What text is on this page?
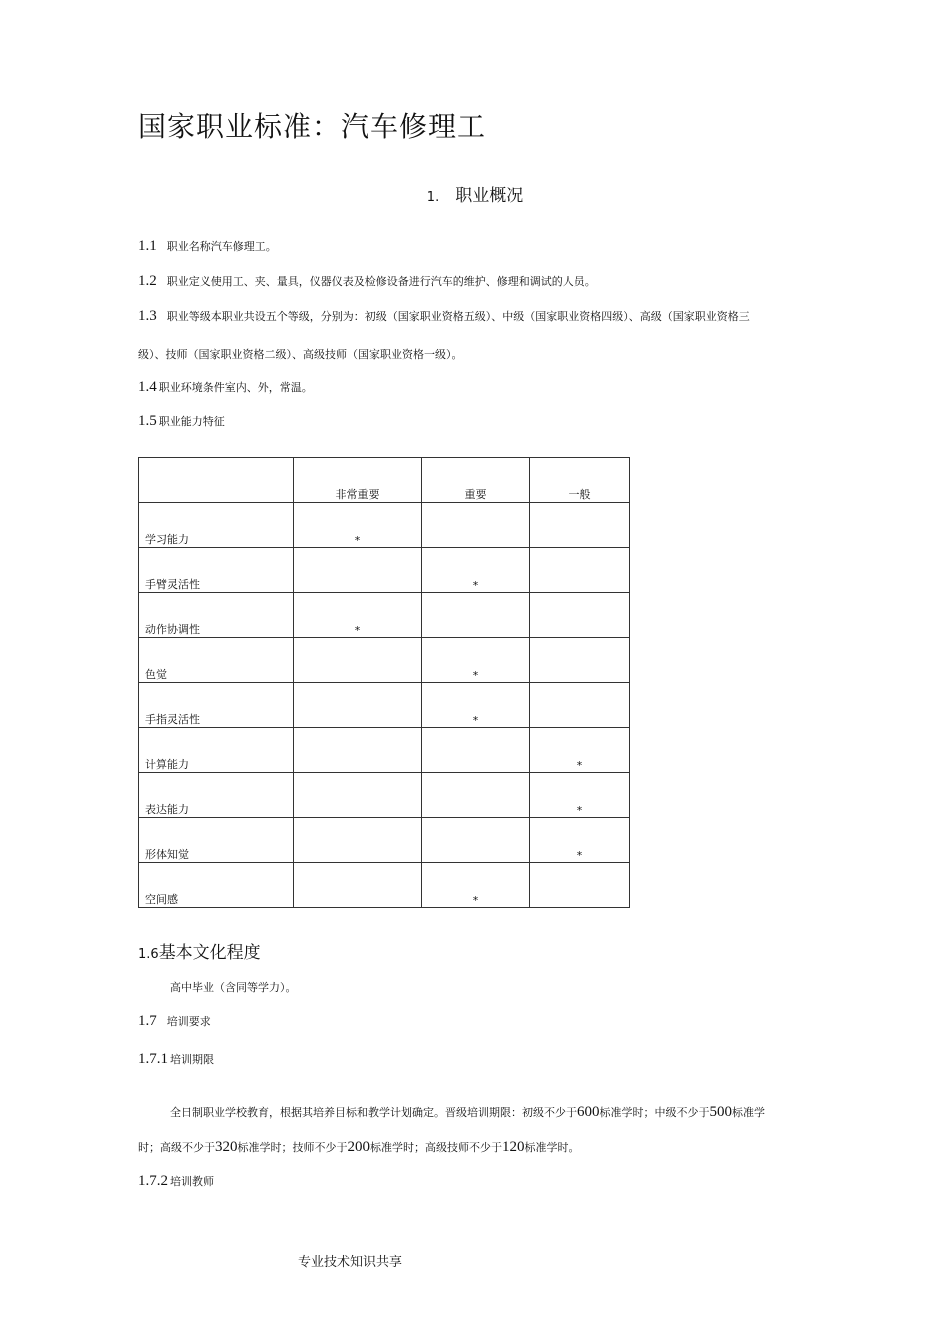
国家职业标准：汽车修理工
1. 职业概况
1.1 职业名称汽车修理工。
1.2 职业定义使用工、夹、量具，仪器仪表及检修设备进行汽车的维护、修理和调试的人员。
1.3 职业等级本职业共设五个等级，分别为：初级（国家职业资格五级）、中级（国家职业资格四级）、高级（国家职业资格三
级）、技师（国家职业资格二级）、高级技师（国家职业资格一级）。
1.4 职业环境条件室内、外，常温。
1.5 职业能力特征
	非常重要	重要	一般
学习能力	*		
手臂灵活性		*	
动作协调性	*		
色觉		*	
手指灵活性		*	
计算能力			*
表达能力			*
形体知觉			*
空间感		*	
1.6基本文化程度
高中毕业（含同等学力）。
1.7 培训要求
1.7.1 培训期限
全日制职业学校教育，根据其培养目标和教学计划确定。晋级培训期限：初级不少于600标准学时；中级不少于500标准学
时；高级不少于320标准学时；技师不少于200标准学时；高级技师不少于120标准学时。
1.7.2 培训教师
专业技术知识共享
